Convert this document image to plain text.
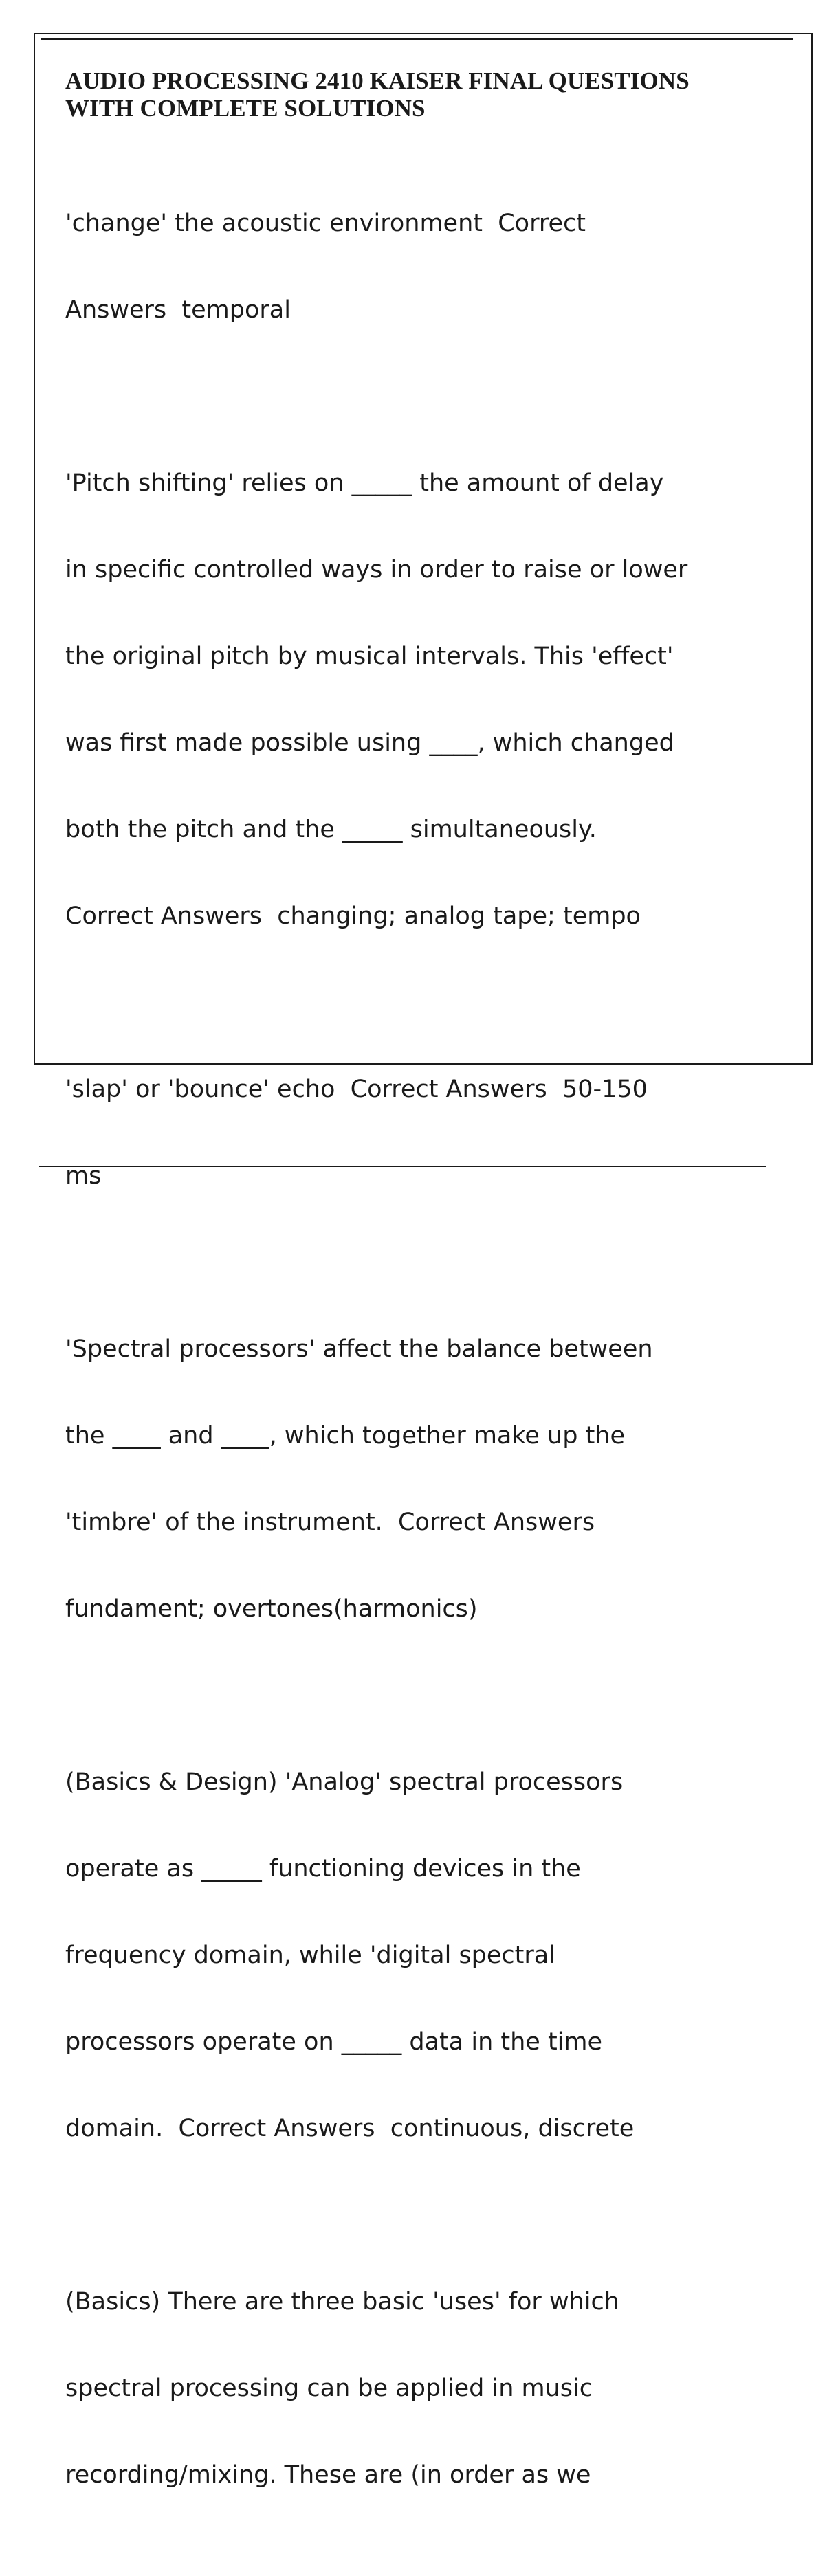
AUDIO PROCESSING 2410 KAISER FINAL QUESTIONS
WITH COMPLETE SOLUTIONS

'change' the acoustic environment  Correct

Answers  temporal

'Pitch shifting' relies on _____ the amount of delay

in specific controlled ways in order to raise or lower

the original pitch by musical intervals. This 'effect'

was first made possible using ____, which changed

both the pitch and the _____ simultaneously.

Correct Answers  changing; analog tape; tempo

'slap' or 'bounce' echo  Correct Answers  50-150

ms

'Spectral processors' affect the balance between

the ____ and ____, which together make up the

'timbre' of the instrument.  Correct Answers

fundament; overtones(harmonics)

(Basics & Design) 'Analog' spectral processors

operate as _____ functioning devices in the

frequency domain, while 'digital spectral

processors operate on _____ data in the time

domain.  Correct Answers  continuous, discrete

(Basics) There are three basic 'uses' for which

spectral processing can be applied in music

recording/mixing. These are (in order as we
